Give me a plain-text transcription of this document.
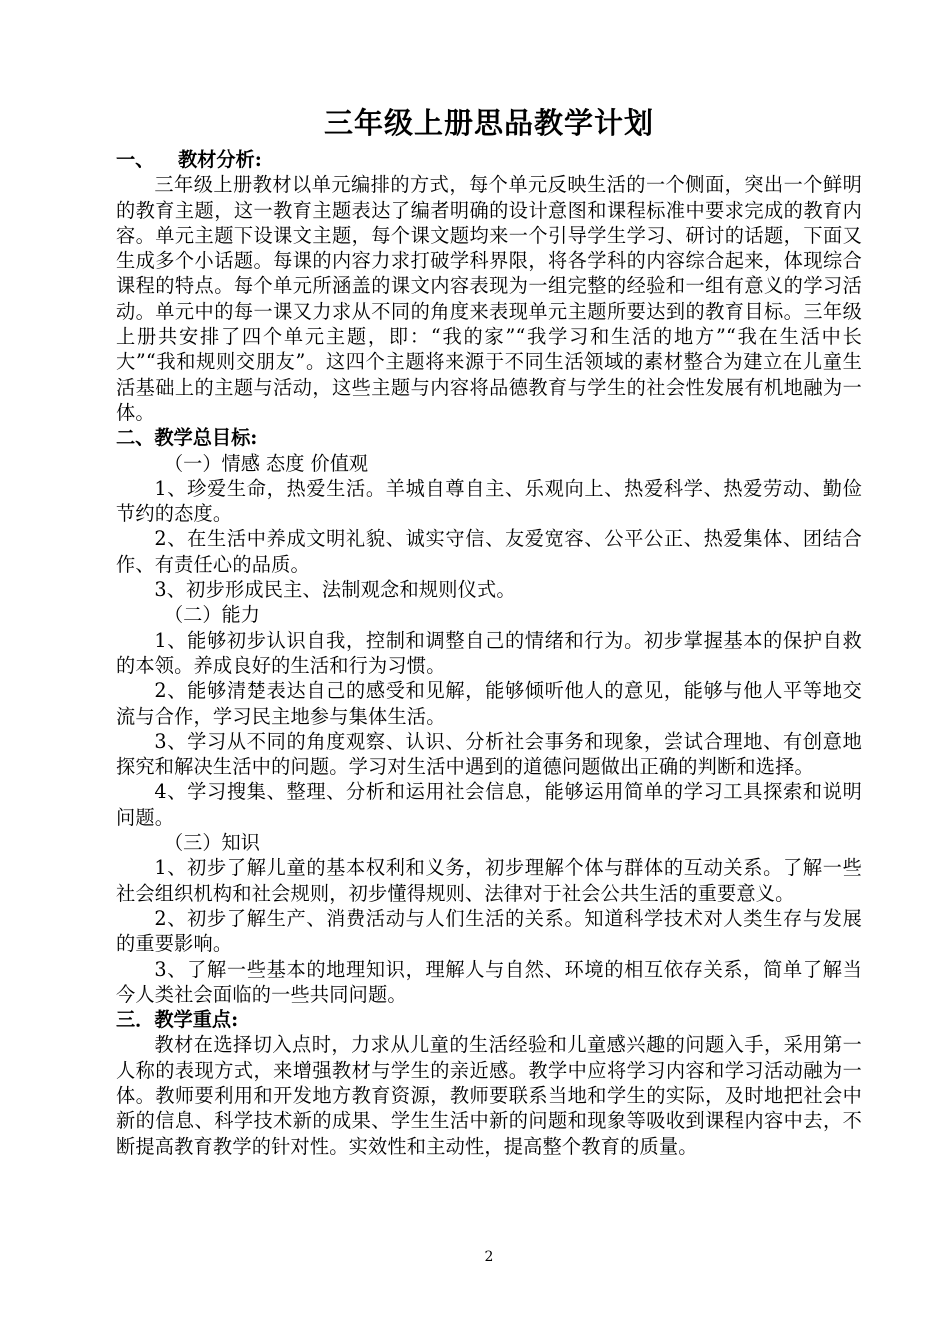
三年级上册思品教学计划
一、 教材分析:

三年级上册教材以单元编排的方式，每个单元反映生活的一个侧面，突出一个鲜明的教育主题，这一教育主题表达了编者明确的设计意图和课程标准中要求完成的教育内容。单元主题下设课文主题，每个课文题均来一个引导学生学习、研讨的话题，下面又生成多个小话题。每课的内容力求打破学科界限，将各学科的内容综合起来，体现综合课程的特点。每个单元所涵盖的课文内容表现为一组完整的经验和一组有意义的学习活动。单元中的每一课又力求从不同的角度来表现单元主题所要达到的教育目标。三年级上册共安排了四个单元主题，即：“我的家”“我学习和生活的地方”“我在生活中长大”“我和规则交朋友”。这四个主题将来源于不同生活领域的素材整合为建立在儿童生活基础上的主题与活动，这些主题与内容将品德教育与学生的社会性发展有机地融为一体。

二、教学总目标:

（一）情感 态度 价值观

1、珍爱生命，热爱生活。羊城自尊自主、乐观向上、热爱科学、热爱劳动、勤俭节约的态度。

2、在生活中养成文明礼貌、诚实守信、友爱宽容、公平公正、热爱集体、团结合作、有责任心的品质。

3、初步形成民主、法制观念和规则仪式。

（二）能力

1、能够初步认识自我，控制和调整自己的情绪和行为。初步掌握基本的保护自救的本领。养成良好的生活和行为习惯。

2、能够清楚表达自己的感受和见解，能够倾听他人的意见，能够与他人平等地交流与合作，学习民主地参与集体生活。

3、学习从不同的角度观察、认识、分析社会事务和现象，尝试合理地、有创意地探究和解决生活中的问题。学习对生活中遇到的道德问题做出正确的判断和选择。

4、学习搜集、整理、分析和运用社会信息，能够运用简单的学习工具探索和说明问题。

（三）知识

1、初步了解儿童的基本权利和义务，初步理解个体与群体的互动关系。了解一些社会组织机构和社会规则，初步懂得规则、法律对于社会公共生活的重要意义。

2、初步了解生产、消费活动与人们生活的关系。知道科学技术对人类生存与发展的重要影响。

3、了解一些基本的地理知识，理解人与自然、环境的相互依存关系，简单了解当今人类社会面临的一些共同问题。

三．教学重点:

教材在选择切入点时，力求从儿童的生活经验和儿童感兴趣的问题入手，采用第一人称的表现方式，来增强教材与学生的亲近感。教学中应将学习内容和学习活动融为一体。教师要利用和开发地方教育资源，教师要联系当地和学生的实际，及时地把社会中新的信息、科学技术新的成果、学生生活中新的问题和现象等吸收到课程内容中去，不断提高教育教学的针对性。实效性和主动性，提高整个教育的质量。

2
